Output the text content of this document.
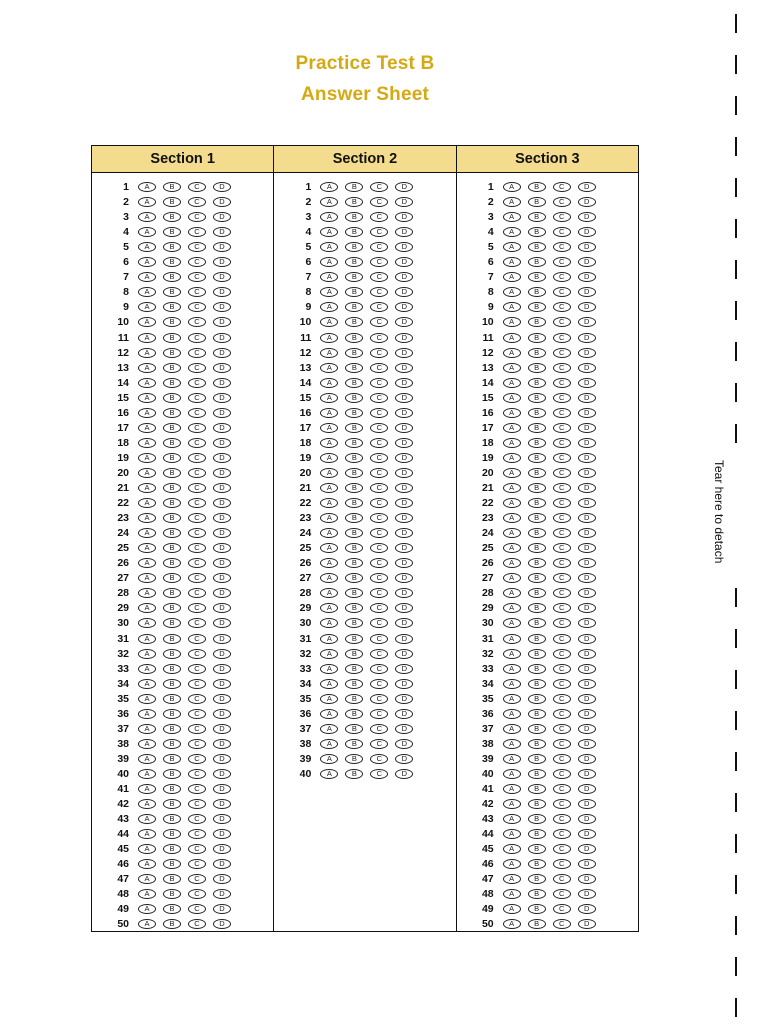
Practice Test B
Answer Sheet
Section 1
1	A	B	C	D
2	A	B	C	D
3	A	B	C	D
4	A	B	C	D
5	A	B	C	D
6	A	B	C	D
7	A	B	C	D
8	A	B	C	D
9	A	B	C	D
10	A	B	C	D
11	A	B	C	D
12	A	B	C	D
13	A	B	C	D
14	A	B	C	D
15	A	B	C	D
16	A	B	C	D
17	A	B	C	D
18	A	B	C	D
19	A	B	C	D
20	A	B	C	D
21	A	B	C	D
22	A	B	C	D
23	A	B	C	D
24	A	B	C	D
25	A	B	C	D
26	A	B	C	D
27	A	B	C	D
28	A	B	C	D
29	A	B	C	D
30	A	B	C	D
31	A	B	C	D
32	A	B	C	D
33	A	B	C	D
34	A	B	C	D
35	A	B	C	D
36	A	B	C	D
37	A	B	C	D
38	A	B	C	D
39	A	B	C	D
40	A	B	C	D
41	A	B	C	D
42	A	B	C	D
43	A	B	C	D
44	A	B	C	D
45	A	B	C	D
46	A	B	C	D
47	A	B	C	D
48	A	B	C	D
49	A	B	C	D
50	A	B	C	D
Section 2
1	A	B	C	D
2	A	B	C	D
3	A	B	C	D
4	A	B	C	D
5	A	B	C	D
6	A	B	C	D
7	A	B	C	D
8	A	B	C	D
9	A	B	C	D
10	A	B	C	D
11	A	B	C	D
12	A	B	C	D
13	A	B	C	D
14	A	B	C	D
15	A	B	C	D
16	A	B	C	D
17	A	B	C	D
18	A	B	C	D
19	A	B	C	D
20	A	B	C	D
21	A	B	C	D
22	A	B	C	D
23	A	B	C	D
24	A	B	C	D
25	A	B	C	D
26	A	B	C	D
27	A	B	C	D
28	A	B	C	D
29	A	B	C	D
30	A	B	C	D
31	A	B	C	D
32	A	B	C	D
33	A	B	C	D
34	A	B	C	D
35	A	B	C	D
36	A	B	C	D
37	A	B	C	D
38	A	B	C	D
39	A	B	C	D
40	A	B	C	D
Section 3
1	A	B	C	D
2	A	B	C	D
3	A	B	C	D
4	A	B	C	D
5	A	B	C	D
6	A	B	C	D
7	A	B	C	D
8	A	B	C	D
9	A	B	C	D
10	A	B	C	D
11	A	B	C	D
12	A	B	C	D
13	A	B	C	D
14	A	B	C	D
15	A	B	C	D
16	A	B	C	D
17	A	B	C	D
18	A	B	C	D
19	A	B	C	D
20	A	B	C	D
21	A	B	C	D
22	A	B	C	D
23	A	B	C	D
24	A	B	C	D
25	A	B	C	D
26	A	B	C	D
27	A	B	C	D
28	A	B	C	D
29	A	B	C	D
30	A	B	C	D
31	A	B	C	D
32	A	B	C	D
33	A	B	C	D
34	A	B	C	D
35	A	B	C	D
36	A	B	C	D
37	A	B	C	D
38	A	B	C	D
39	A	B	C	D
40	A	B	C	D
41	A	B	C	D
42	A	B	C	D
43	A	B	C	D
44	A	B	C	D
45	A	B	C	D
46	A	B	C	D
47	A	B	C	D
48	A	B	C	D
49	A	B	C	D
50	A	B	C	D
Tear here to detach
